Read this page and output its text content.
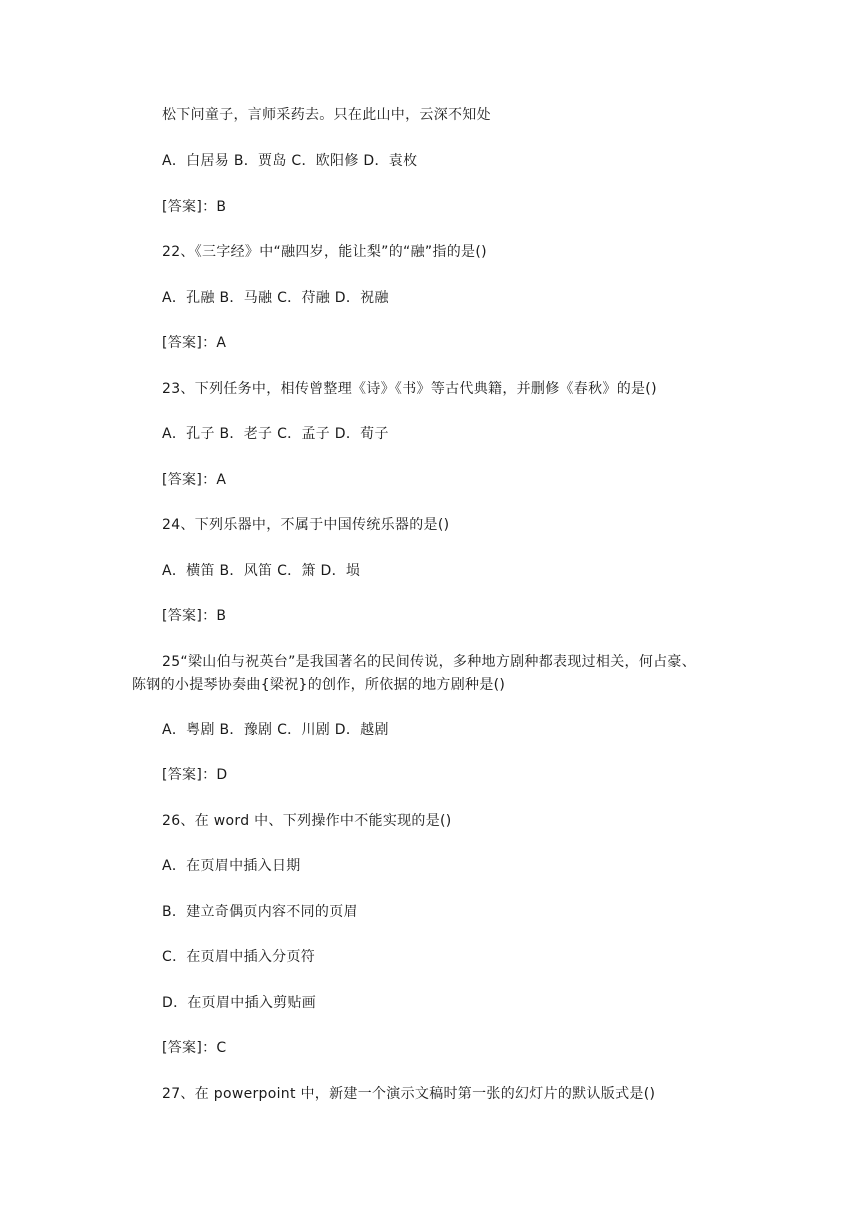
松下问童子，言师采药去。只在此山中，云深不知处
A．白居易 B．贾岛 C．欧阳修 D．袁枚
[答案]：B
22、《三字经》中“融四岁，能让梨”的“融”指的是()
A．孔融 B．马融 C．苻融 D．祝融
[答案]：A
23、下列任务中，相传曾整理《诗》《书》等古代典籍，并删修《春秋》的是()
A．孔子 B．老子 C．孟子 D．荀子
[答案]：A
24、下列乐器中，不属于中国传统乐器的是()
A．横笛 B．风笛 C．箫 D．埙
[答案]：B
25“梁山伯与祝英台”是我国著名的民间传说，多种地方剧种都表现过相关，何占豪、
陈钢的小提琴协奏曲{梁祝}的创作，所依据的地方剧种是()
A．粤剧 B．豫剧 C．川剧 D．越剧
[答案]：D
26、在 word 中、下列操作中不能实现的是()
A．在页眉中插入日期
B．建立奇偶页内容不同的页眉
C．在页眉中插入分页符
D．在页眉中插入剪贴画
[答案]：C
27、在 powerpoint 中，新建一个演示文稿时第一张的幻灯片的默认版式是()
